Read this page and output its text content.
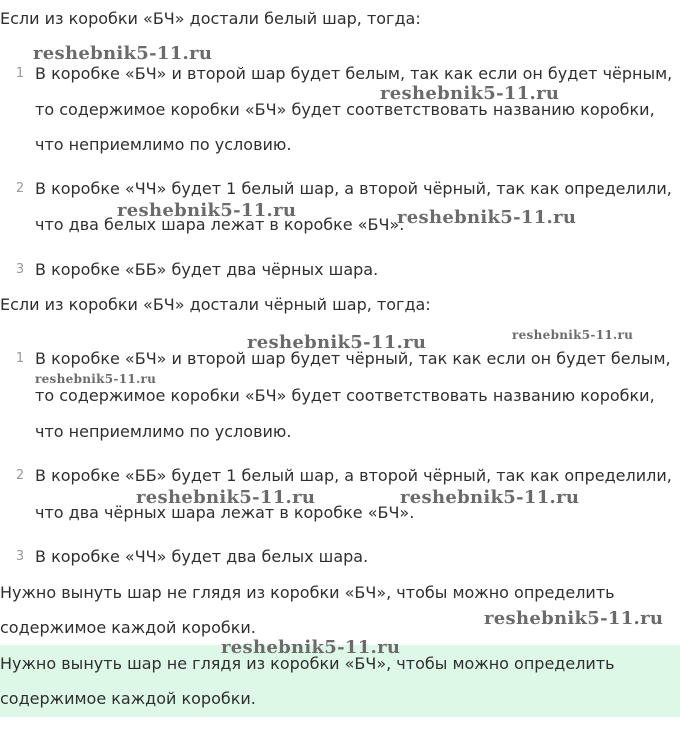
Если из коробки «БЧ» достали белый шар, тогда:
1 В коробке «БЧ» и второй шар будет белым, так как если он будет чёрным,
то содержимое коробки «БЧ» будет соответствовать названию коробки,
что неприемлимо по условию.
2 В коробке «ЧЧ» будет 1 белый шар, а второй чёрный, так как определили,
что два белых шара лежат в коробке «БЧ».
3 В коробке «ББ» будет два чёрных шара.
Если из коробки «БЧ» достали чёрный шар, тогда:
1 В коробке «БЧ» и второй шар будет чёрный, так как если он будет белым,
то содержимое коробки «БЧ» будет соответствовать названию коробки,
что неприемлимо по условию.
2 В коробке «ББ» будет 1 белый шар, а второй чёрный, так как определили,
что два чёрных шара лежат в коробке «БЧ».
3 В коробке «ЧЧ» будет два белых шара.
Нужно вынуть шар не глядя из коробки «БЧ», чтобы можно определить
содержимое каждой коробки.
Нужно вынуть шар не глядя из коробки «БЧ», чтобы можно определить
содержимое каждой коробки.
reshebnik5-11.ru
reshebnik5-11.ru
reshebnik5-11.ru	reshebnik5-11.ru
reshebnik5-11.ru	reshebnik5-11.ru
reshebnik5-11.ru
reshebnik5-11.ru	reshebnik5-11.ru
reshebnik5-11.ru
reshebnik5-11.ru
